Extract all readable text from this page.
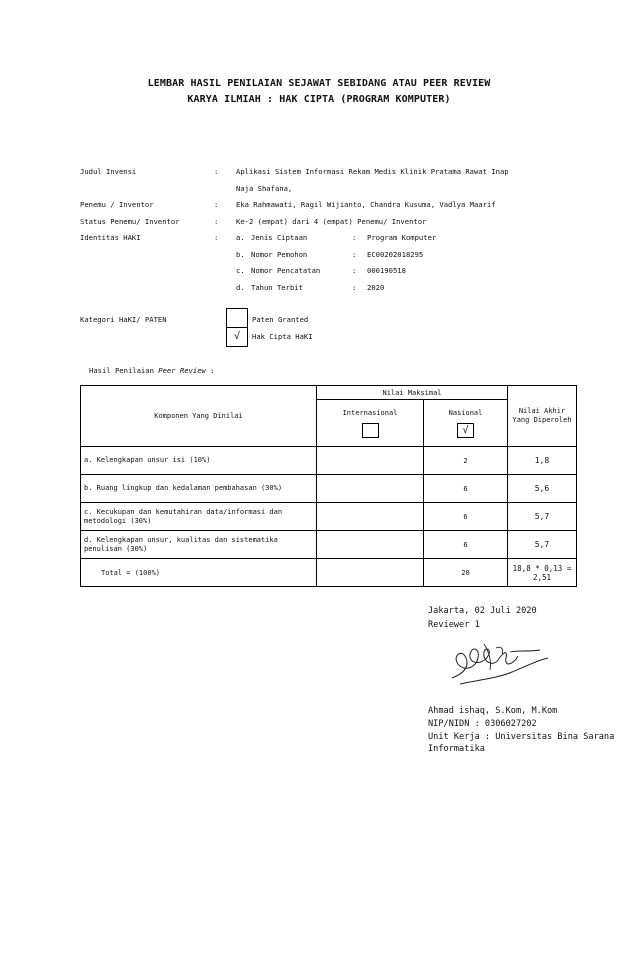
LEMBAR HASIL PENILAIAN SEJAWAT SEBIDANG ATAU PEER REVIEW
KARYA ILMIAH : HAK CIPTA (PROGRAM KOMPUTER)
Judul Invensi	: Aplikasi Sistem Informasi Rekam Medis Klinik Pratama Rawat Inap
Naja Shafana,
Penemu / Inventor	: Eka Rahmawati, Ragil Wijianto, Chandra Kusuma, Vadlya Maarif
Status Penemu/ Inventor	: Ke-2 (empat) dari 4 (empat) Penemu/ Inventor
Identitas HAKI	: a. Jenis Ciptaan	: Program Komputer
b. Nomor Pemohon	: EC00202018295
c. Nomor Pencatatan	: 000190518
d. Tahun Terbit	: 2020
Kategori HaKI/ PATEN	Paten Granted
√	Hak Cipta HaKI
Hasil Penilaian Peer Review :
Komponen Yang Dinilai	Nilai Maksimal		Nilai Akhir Yang Diperoleh

	Internasional	Nasional
√	

a. Kelengkapan unsur isi (10%)		2	1,8
b. Ruang lingkup dan kedalaman pembahasan (30%)		6	5,6
c. Kecukupan dan kemutahiran data/informasi dan metodologi (30%)		6	5,7
d. Kelengkapan unsur, kualitas dan sistematika penulisan (30%)		6	5,7
Total = (100%)		20	18,8 * 0,13 = 2,51
Jakarta, 02 Juli 2020
Reviewer 1
Ahmad ishaq, S.Kom, M.Kom
NIP/NIDN : 0306027202
Unit Kerja : Universitas Bina Sarana
Informatika
